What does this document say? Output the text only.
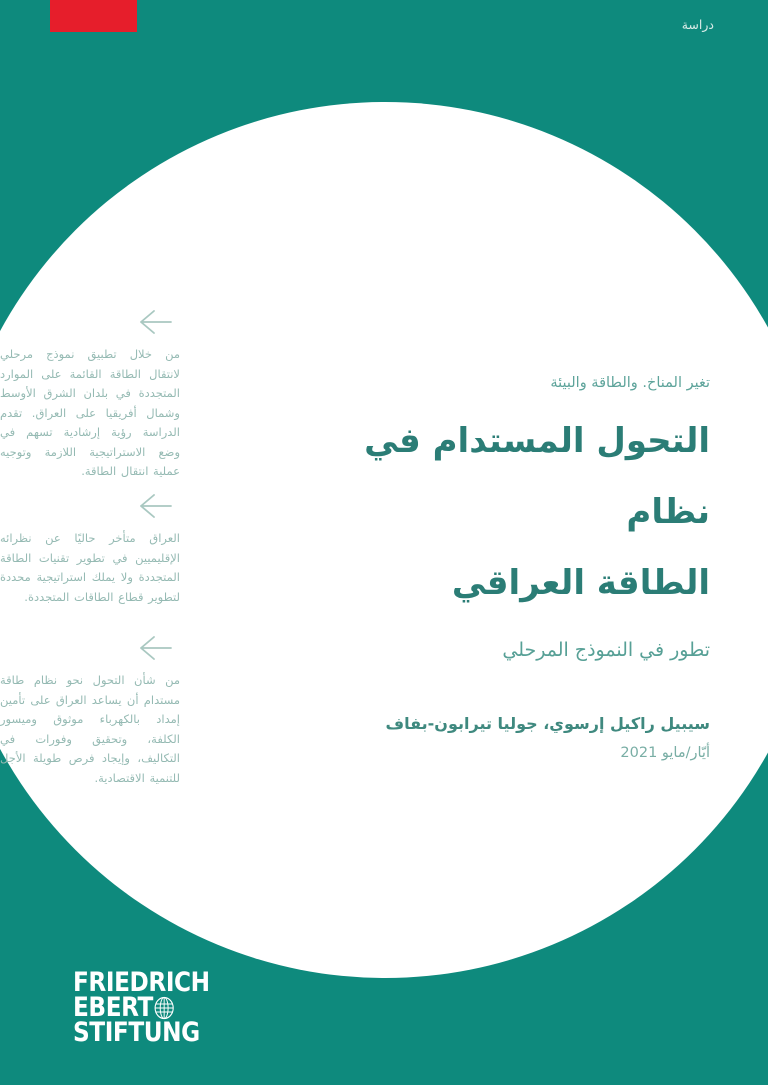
دراسة

من خلال تطبيق نموذج مرحلي لانتقال الطاقة القائمة على الموارد المتجددة في بلدان الشرق الأوسط وشمال أفريقيا على العراق. تقدم الدراسة رؤية إرشادية تسهم في وضع الاستراتيجية اللازمة وتوجيه عملية انتقال الطاقة.

العراق متأخر حاليًا عن نظرائه الإقليميين في تطوير تقنيات الطاقة المتجددة ولا يملك استراتيجية محددة لتطوير قطاع الطاقات المتجددة.

من شأن التحول نحو نظام طاقة مستدام أن يساعد العراق على تأمين إمداد بالكهرباء موثوق وميسور الكلفة، وتحقيق وفورات في التكاليف، وإيجاد فرص طويلة الأجل للتنمية الاقتصادية.

تغير المناخ. والطاقة والبيئة
التحول المستدام في نظام
الطاقة العراقي
تطور في النموذج المرحلي
سيبيل راكيل إرسوي، جوليا تيرابون-بفاف
أيّار/مايو 2021
FRIEDRICH
EBERT
STIFTUNG
